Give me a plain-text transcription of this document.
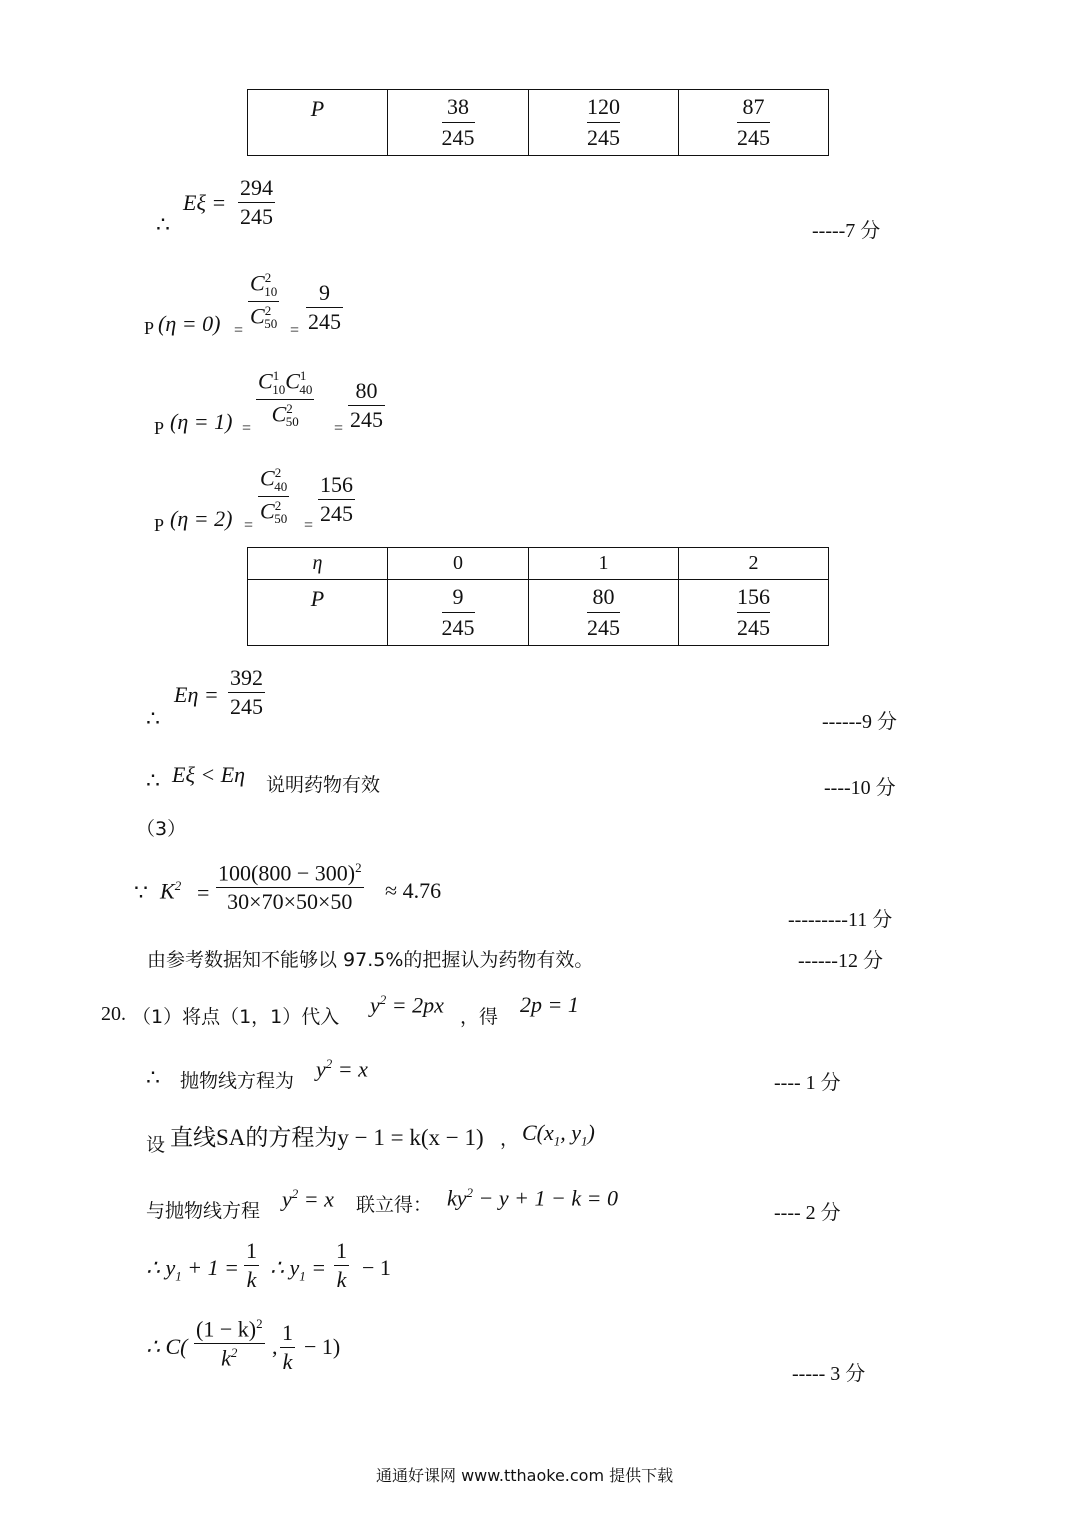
P	$\frac{38}{245}$	$\frac{120}{245}$	$\frac{87}{245}$
∴
Eξ =
294
245
-----7 分
P (η = 0) =
$C^2_{10}$
$C^2_{50}$ =
9
245
P (η = 1) =
$C^1_{10}C^1_{40}$
$C^2_{50}$	=
80
245
P (η = 2) =
$C^2_{40}$
$C^2_{50}$ =
156
245
η	0	1	2
P	$\frac{9}{245}$	$\frac{80}{245}$	$\frac{156}{245}$
∴
Eη =
392
245
------9 分
∴ Eξ < Eη 说明药物有效	----10 分
（3）
∵ $K^2$ =
$100(800 - 300)^2$
30×70×50×50	≈ 4.76
---------11 分
由参考数据知不能够以 97.5%的把握认为药物有效。	------12 分
20. （1）将点（1，1）代入 $y^2 = 2px$ ，得 2p = 1
∴ 抛物线方程为 $y^2 = x$
---- 1 分
设 直线SA的方程为y − 1 = k(x − 1) ， $C(x_1$, $y_1$)
与抛物线方程 $y^2 = x$ 联立得： $ky^2 - y + 1 - k = 0$
---- 2 分
∴ $y_1 + 1$ =
1
k ∴ $y_1$ =
1
k − 1
∴ C(
$(1 - k)^2$
$k^2$	,
1
k
− 1)
----- 3 分
通通好课网 www.tthaoke.com 提供下载
